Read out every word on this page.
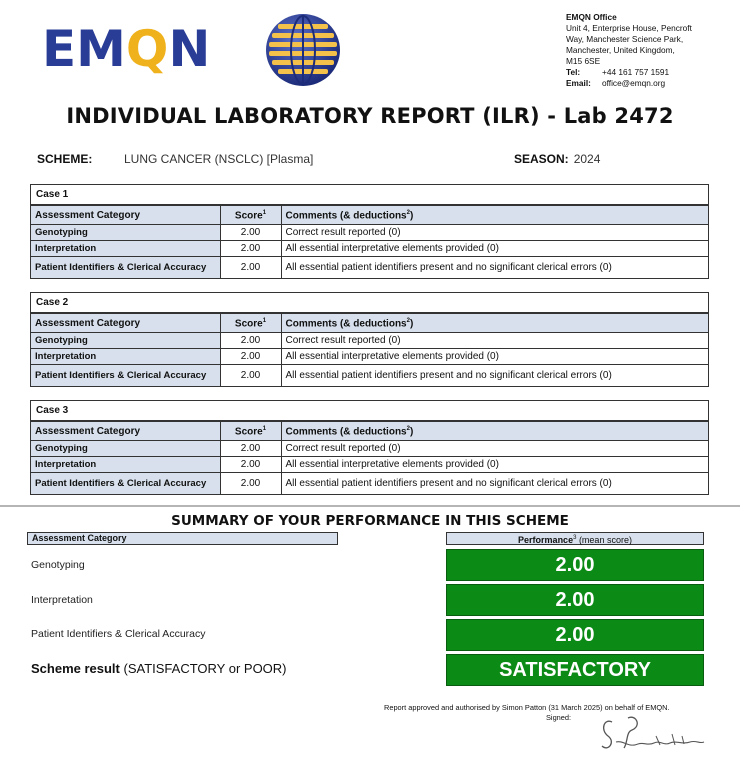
EMQN
EMQN Office
Unit 4, Enterprise House, Pencroft
Way, Manchester Science Park,
Manchester, United Kingdom,
M15 6SE
Tel:	+44 161 757 1591
Email:	office@emqn.org
INDIVIDUAL LABORATORY REPORT (ILR) - Lab 2472
SCHEME:	LUNG CANCER (NSCLC) [Plasma]	SEASON: 2024
Case 1
Assessment Category	Score$^1$	Comments (& deductions$^2$)
Genotyping	2.00	Correct result reported (0)
Interpretation	2.00	All essential interpretative elements provided (0)
Patient Identifiers & Clerical Accuracy	2.00	All essential patient identifiers present and no significant clerical errors (0)
Case 2
Assessment Category	Score$^1$	Comments (& deductions$^2$)
Genotyping	2.00	Correct result reported (0)
Interpretation	2.00	All essential interpretative elements provided (0)
Patient Identifiers & Clerical Accuracy	2.00	All essential patient identifiers present and no significant clerical errors (0)
Case 3
Assessment Category	Score$^1$	Comments (& deductions$^2$)
Genotyping	2.00	Correct result reported (0)
Interpretation	2.00	All essential interpretative elements provided (0)
Patient Identifiers & Clerical Accuracy	2.00	All essential patient identifiers present and no significant clerical errors (0)
SUMMARY OF YOUR PERFORMANCE IN THIS SCHEME
Assessment Category	Performance$^3$ (mean score)
Genotyping	2.00
Interpretation	2.00
Patient Identifiers & Clerical Accuracy	2.00
Scheme result (SATISFACTORY or POOR)	SATISFACTORY
Report approved and authorised by Simon Patton (31 March 2025) on behalf of EMQN.
Signed:
